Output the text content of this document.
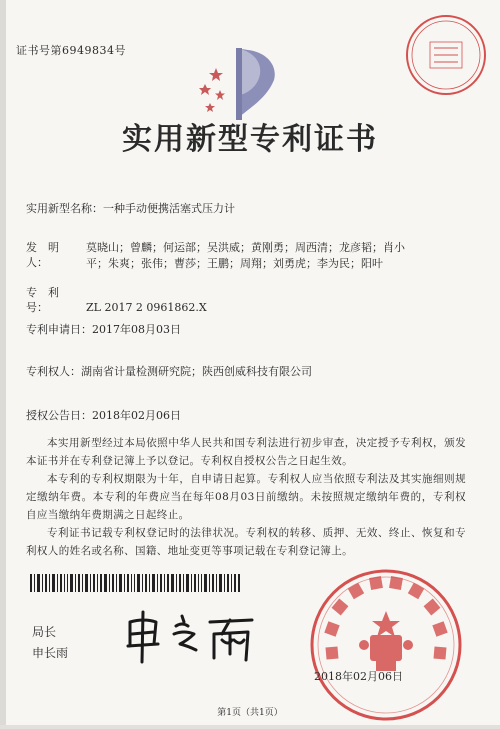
证书号第6949834号
实用新型专利证书
实用新型名称：一种手动便携活塞式压力计
发　明　人：莫晓山；曾麟；何运部；吴洪威；黄刚勇；周西清；龙彦韬；肖小平；朱爽；张伟；曹莎；王鹏；周翔；刘勇虎；李为民；阳叶
专　利　号：	ZL 2017 2 0961862.X
专利申请日：2017年08月03日
专利权人：湖南省计量检测研究院；陕西创威科技有限公司
授权公告日：2018年02月06日

本实用新型经过本局依照中华人民共和国专利法进行初步审查，决定授予专利权，颁发本证书并在专利登记簿上予以登记。专利权自授权公告之日起生效。

本专利的专利权期限为十年，自申请日起算。专利权人应当依照专利法及其实施细则规定缴纳年费。本专利的年费应当在每年08月03日前缴纳。未按照规定缴纳年费的，专利权自应当缴纳年费期满之日起终止。

专利证书记载专利权登记时的法律状况。专利权的转移、质押、无效、终止、恢复和专利权人的姓名或名称、国籍、地址变更等事项记载在专利登记簿上。

局长
申长雨
2018年02月06日
第1页（共1页）
